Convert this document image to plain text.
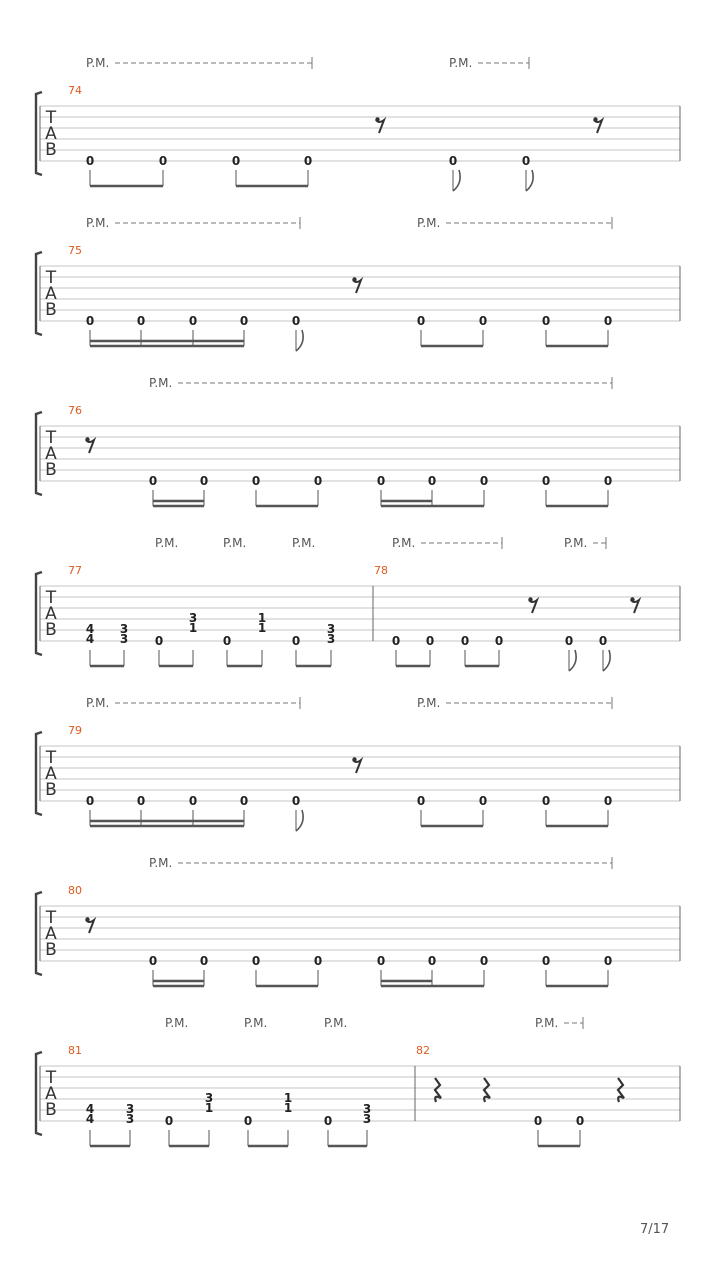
T
A
B
74
P.M.	P.M.
0	0	0	0	0	0
T
A
B
75
P.M.	P.M.
0	0	0	0	0	0	0	0	0
T
A
B
76
P.M.
0	0	0	0	0	0	0	0	0
T
A
B
77	78
P.M.	P.M.	P.M.	P.M.	P.M.
4
4
3
3
0
1
3
0
1
1
0 3
3
0 0 0 0	0 0
T
A
B
79
P.M.	P.M.
0	0	0	0	0	0	0	0	0
T
A
B
80
P.M.
0	0	0	0	0	0	0	0	0
T
A
B
81	82
P.M.	P.M.	P.M.	P.M.
4
4
3
3
0
1
3
0
1
1
0	3
3
0	0
7/17
